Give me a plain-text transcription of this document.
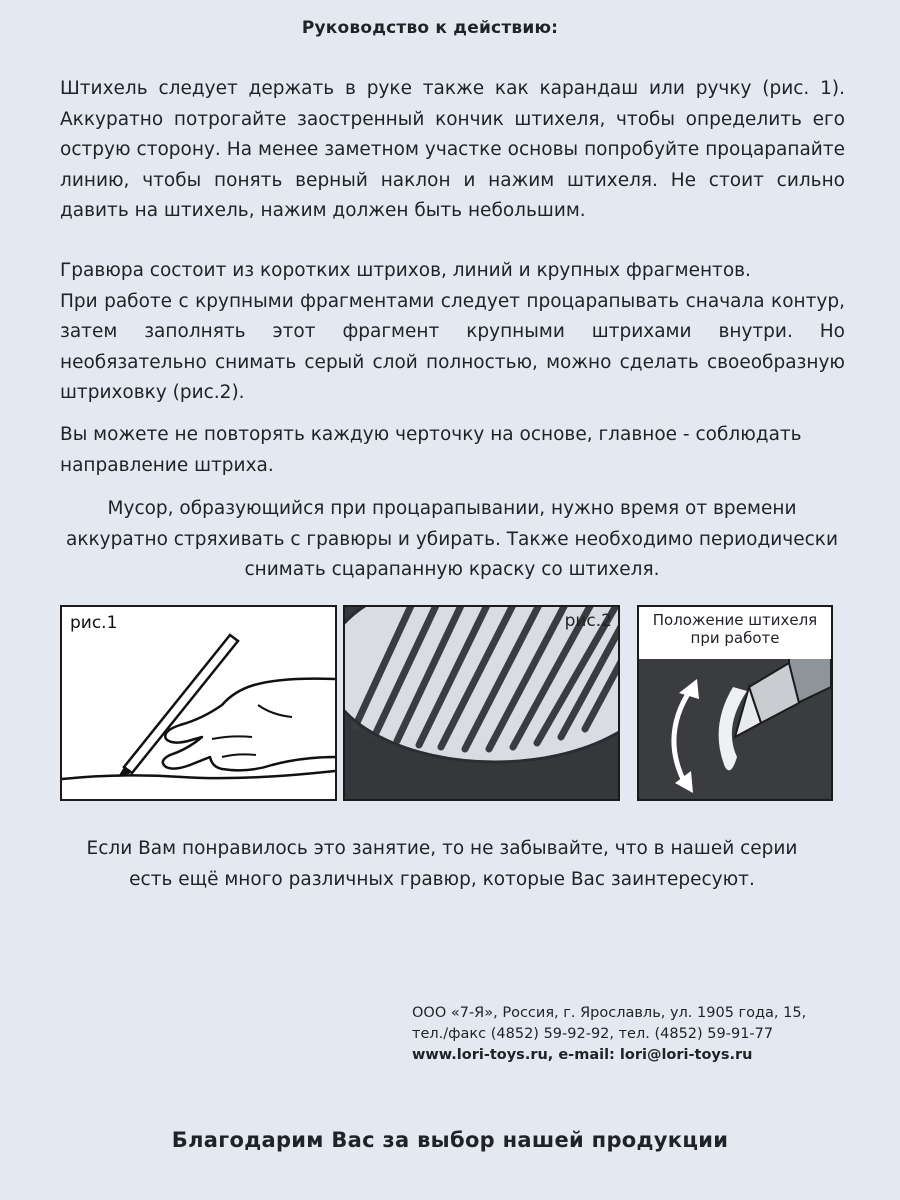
Руководство к действию:
Штихель следует держать в руке также как карандаш или ручку (рис. 1). Аккуратно потрогайте заостренный кончик штихеля, чтобы определить его острую сторону. На менее заметном участке основы попробуйте процарапайте линию, чтобы понять верный наклон и нажим штихеля. Не стоит сильно давить на штихель, нажим должен быть небольшим.
Гравюра состоит из коротких штрихов, линий и крупных фрагментов.
При работе с крупными фрагментами следует процарапывать сначала контур, затем заполнять этот фрагмент крупными штрихами внутри. Но необязательно снимать серый слой полностью, можно сделать своеобразную штриховку (рис.2).
Вы можете не повторять каждую черточку на основе, главное - соблюдать направление штриха.
Мусор, образующийся при процарапывании, нужно время от времени аккуратно стряхивать с гравюры и убирать. Также необходимо периодически снимать сцарапанную краску со штихеля.
рис.1	рис.2	Положение штихеля
при работе
Если Вам понравилось это занятие, то не забывайте, что в нашей серии есть ещё много различных гравюр, которые Вас заинтересуют.
ООО «7-Я», Россия, г. Ярославль, ул. 1905 года, 15,
тел./факс (4852) 59-92-92, тел. (4852) 59-91-77
www.lori-toys.ru, e-mail: lori@lori-toys.ru
Благодарим Вас за выбор нашей продукции
